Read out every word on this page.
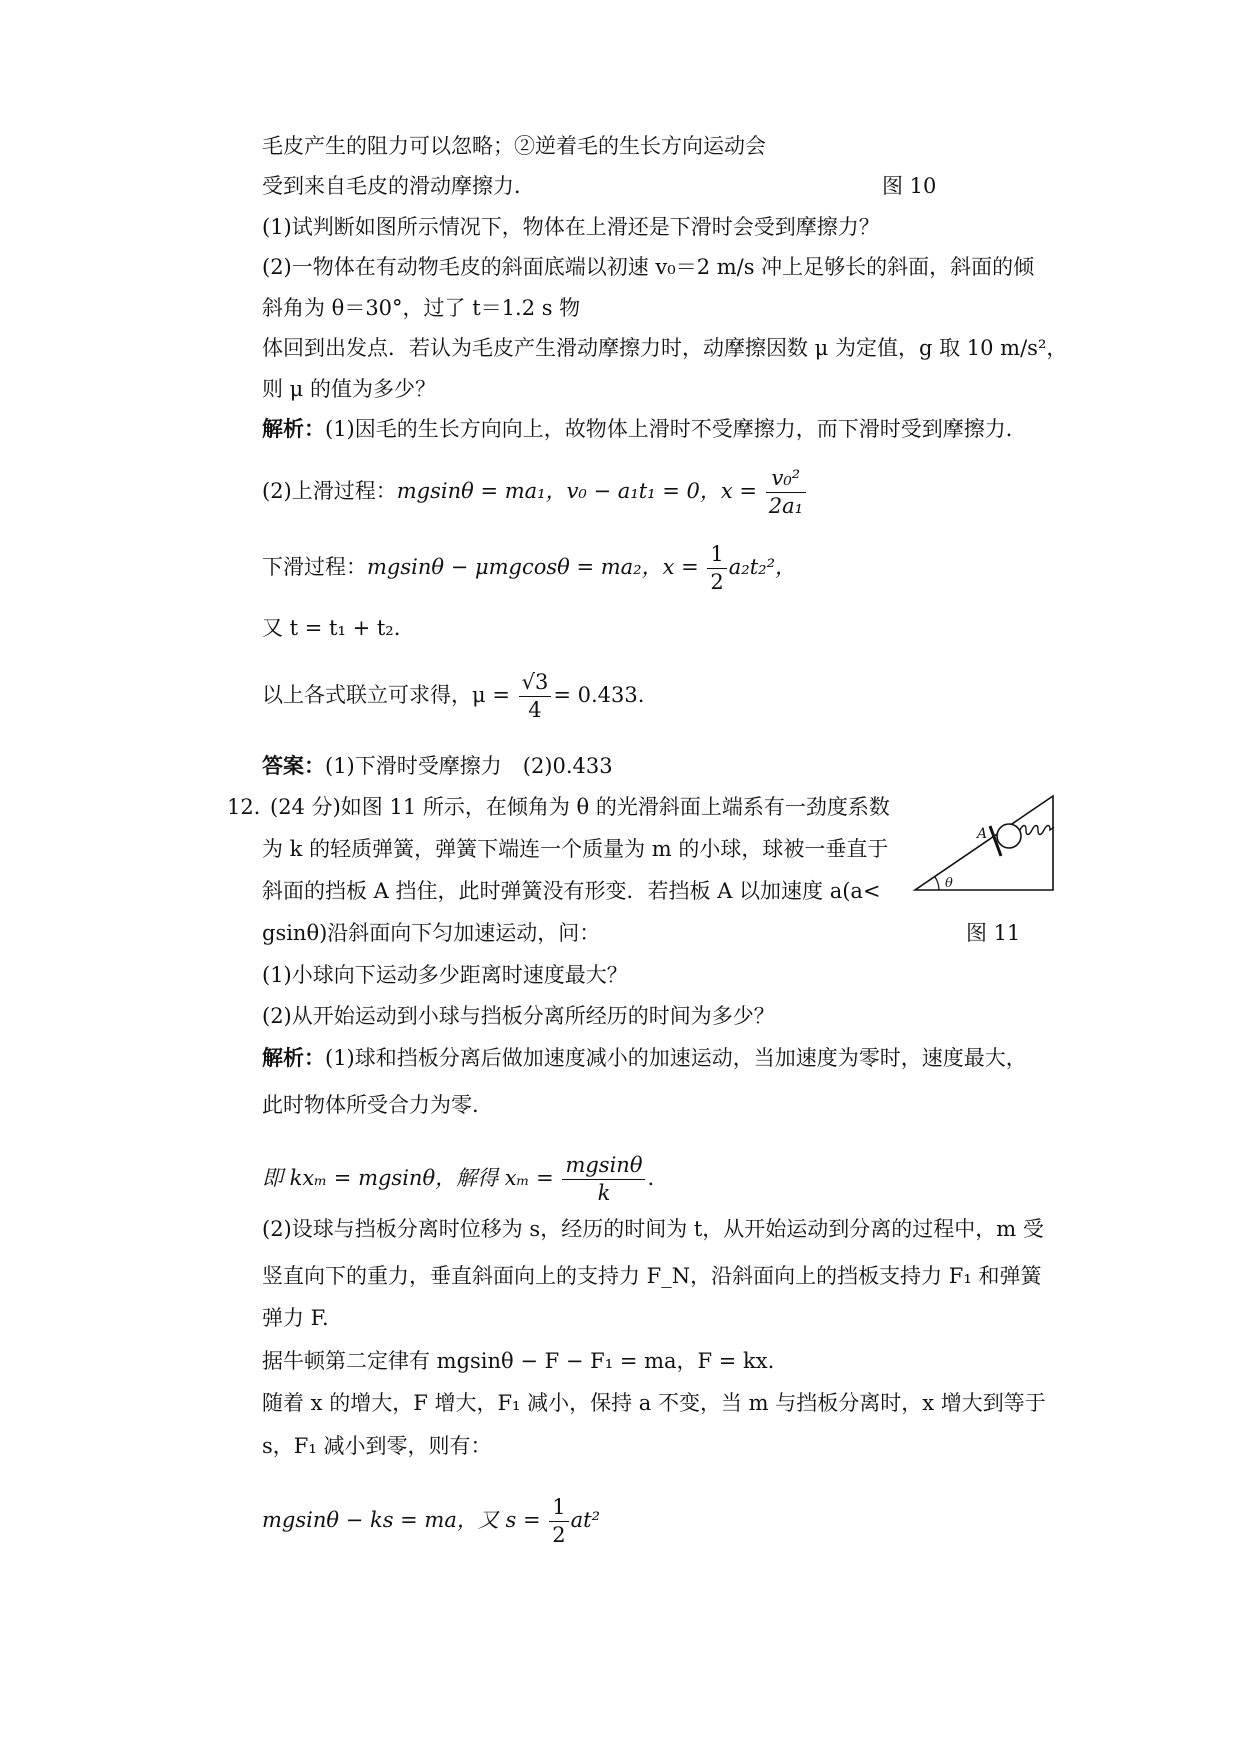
毛皮产生的阻力可以忽略；②逆着毛的生长方向运动会
受到来自毛皮的滑动摩擦力．	图 10
(1)试判断如图所示情况下，物体在上滑还是下滑时会受到摩擦力？
(2)一物体在有动物毛皮的斜面底端以初速 v₀＝2 m/s 冲上足够长的斜面，斜面的倾
斜角为 θ＝30°，过了 t＝1.2 s 物
体回到出发点．若认为毛皮产生滑动摩擦力时，动摩擦因数 μ 为定值，g 取 10 m/s²，
则 μ 的值为多少？
解析：(1)因毛的生长方向向上，故物体上滑时不受摩擦力，而下滑时受到摩擦力．
(2)上滑过程：mgsinθ = ma₁，v₀ − a₁t₁ = 0，$x = \frac{\text{v₀²}}{\text{2a₁}}$
下滑过程：mgsinθ − μmgcosθ = ma₂，$x = \frac{1}{2} a_2t_2^2$，
又 t = t₁ + t₂.
以上各式联立可求得，$\mu = \frac{√3}{4} = 0.433$.
答案：(1)下滑时受摩擦力　(2)0.433
12．
(24 分)如图 11 所示，在倾角为 θ 的光滑斜面上端系有一劲度系数
为 k 的轻质弹簧，弹簧下端连一个质量为 m 的小球，球被一垂直于
斜面的挡板 A 挡住，此时弹簧没有形变．若挡板 A 以加速度 a(a<
gsinθ)沿斜面向下匀加速运动，问：	图 11
θ
A
(1)小球向下运动多少距离时速度最大？
(2)从开始运动到小球与挡板分离所经历的时间为多少？
解析：(1)球和挡板分离后做加速度减小的加速运动，当加速度为零时，速度最大，
此时物体所受合力为零.
即 kxₘ = mgsinθ，解得 $x_m = \frac{mgsin\theta}{k}$ .
(2)设球与挡板分离时位移为 s，经历的时间为 t，从开始运动到分离的过程中，m 受
竖直向下的重力，垂直斜面向上的支持力 F_N，沿斜面向上的挡板支持力 F₁ 和弹簧
弹力 F.
据牛顿第二定律有 mgsinθ − F − F₁ = ma，F = kx.
随着 x 的增大，F 增大，F₁ 减小，保持 a 不变，当 m 与挡板分离时，x 增大到等于
s，F₁ 减小到零，则有：
mgsinθ − ks = ma，又 $s = \frac{1}{2} at^2$
